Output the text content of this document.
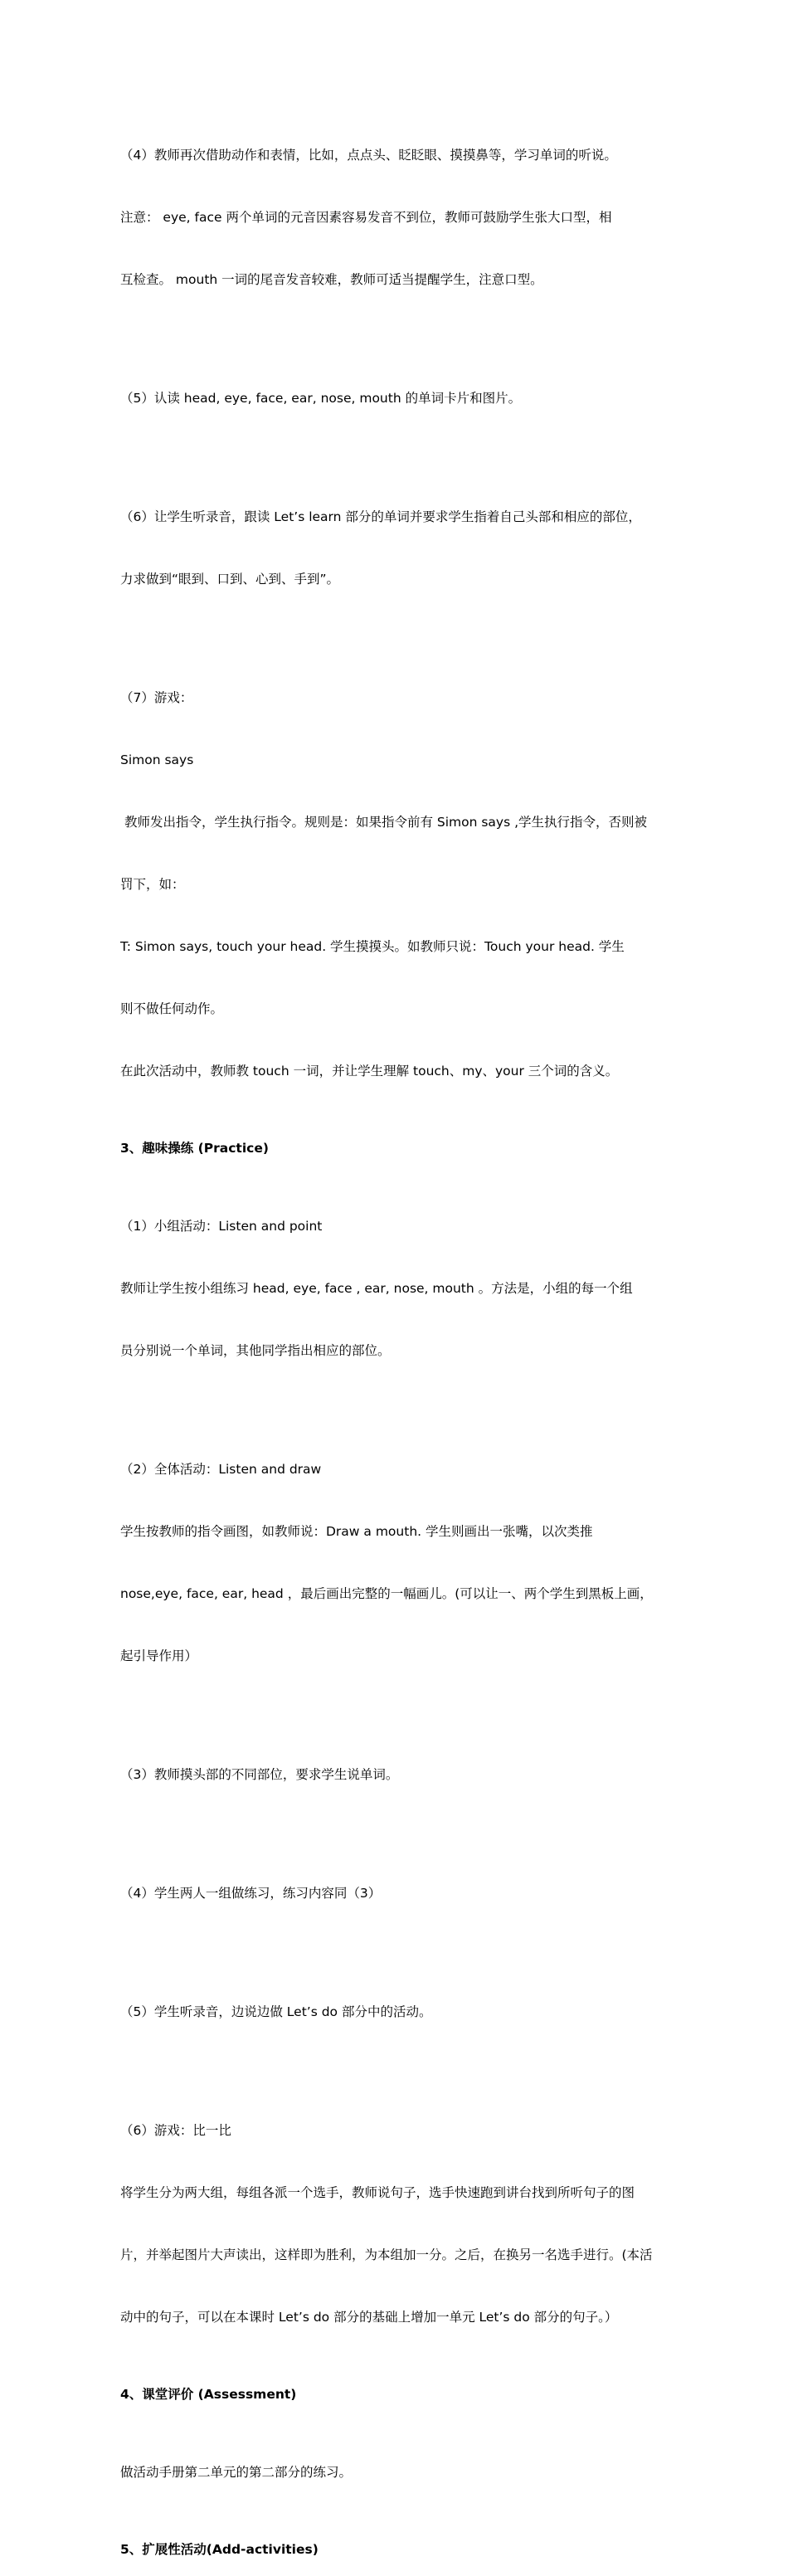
（4）教师再次借助动作和表情，比如，点点头、眨眨眼、摸摸鼻等，学习单词的听说。

注意： eye, face 两个单词的元音因素容易发音不到位，教师可鼓励学生张大口型，相

互检查。 mouth 一词的尾音发音较难，教师可适当提醒学生，注意口型。

（5）认读 head, eye, face, ear, nose, mouth 的单词卡片和图片。

（6）让学生听录音，跟读 Let’s learn 部分的单词并要求学生指着自己头部和相应的部位，

力求做到“眼到、口到、心到、手到”。

（7）游戏：

Simon says

教师发出指令，学生执行指令。规则是：如果指令前有 Simon says ,学生执行指令，否则被

罚下，如：

T: Simon says, touch your head. 学生摸摸头。如教师只说：Touch your head. 学生

则不做任何动作。

在此次活动中，教师教 touch 一词，并让学生理解 touch、my、your 三个词的含义。

3、趣味操练 (Practice)

（1）小组活动：Listen and point

教师让学生按小组练习 head, eye, face , ear, nose, mouth 。方法是，小组的每一个组

员分别说一个单词，其他同学指出相应的部位。

（2）全体活动：Listen and draw

学生按教师的指令画图，如教师说：Draw a mouth. 学生则画出一张嘴，以次类推

nose,eye, face, ear, head ，最后画出完整的一幅画儿。(可以让一、两个学生到黑板上画，

起引导作用）

（3）教师摸头部的不同部位，要求学生说单词。

（4）学生两人一组做练习，练习内容同（3）

（5）学生听录音，边说边做 Let’s do 部分中的活动。

（6）游戏：比一比

将学生分为两大组，每组各派一个选手，教师说句子，选手快速跑到讲台找到所听句子的图

片，并举起图片大声读出，这样即为胜利，为本组加一分。之后，在换另一名选手进行。(本活

动中的句子，可以在本课时 Let’s do 部分的基础上增加一单元 Let’s do 部分的句子。）

4、课堂评价 (Assessment)

做活动手册第二单元的第二部分的练习。

5、扩展性活动(Add-activities)
